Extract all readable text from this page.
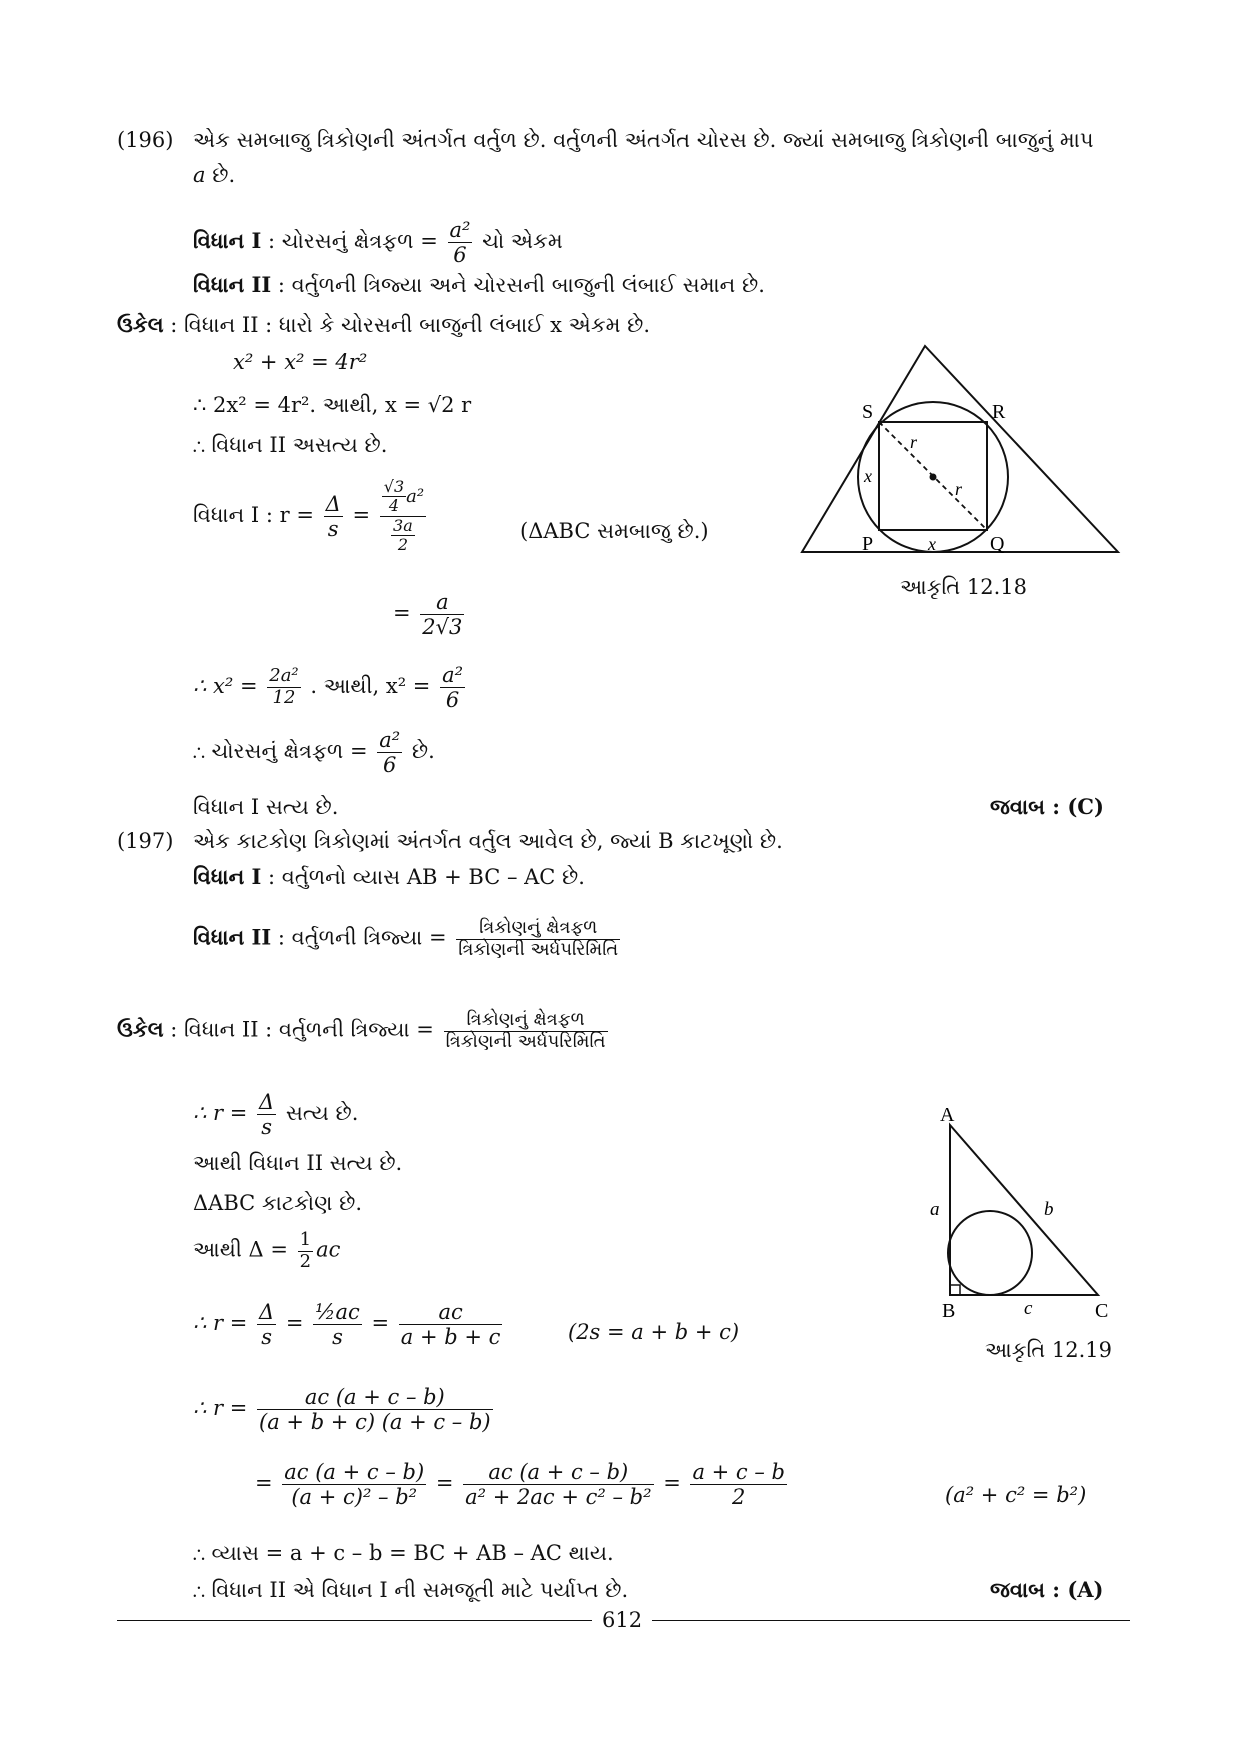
(196) એક સમબાજુ ત્રિકોણની અંતર્ગત વર્તુળ છે. વર્તુળની અંતર્ગત ચોરસ છે. જ્યાં સમબાજુ ત્રિકોણની બાજુનું માપ
a છે.
વિધાન I : ચોરસનું ક્ષેત્રફળ = $\frac{\text{a²}}{6}$ ચો એકમ
વિધાન II : વર્તુળની ત્રિજ્યા અને ચોરસની બાજુની લંબાઈ સમાન છે.
ઉકેલ : વિધાન II : ધારો કે ચોરસની બાજુની લંબાઈ x એકમ છે.
x² + x² = 4r²
∴ 2x² = 4r². આથી, x = √2 r
∴ વિધાન II અસત્ય છે.
વિધાન I : $r = \frac{\Delta}{s} = \frac{\frac{√3}{4} a^2}{\frac{3a}{2}}$	(ΔABC સમબાજુ છે.)
= $\frac{a}{2√3}$
∴ $x^2 = \frac{\text{2a²}}{12}$ . આથી, $x^2 = \frac{\text{a²}}{6}$
∴ ચોરસનું ક્ષેત્રફળ = $\frac{\text{a²}}{6}$ છે.
વિધાન I સત્ય છે.	જવાબ : (C)
S	R
P	Q
r
r
x
x
આકૃતિ 12.18
(197) એક કાટકોણ ત્રિકોણમાં અંતર્ગત વર્તુલ આવેલ છે, જ્યાં B કાટખૂણો છે.
વિધાન I : વર્તુળનો વ્યાસ AB + BC – AC છે.
વિધાન II : વર્તુળની ત્રિજ્યા = $\frac{\text{ત્રિકોણનું ક્ષેત્રફળ}}{\text{ત્રિકોણની અર્ધપરિમિતિ}}$
ઉકેલ : વિધાન II : વર્તુળની ત્રિજ્યા = $\frac{\text{ત્રિકોણનું ક્ષેત્રફળ}}{\text{ત્રિકોણની અર્ધપરિમિતિ}}$
∴ $r = \frac{\Delta}{s}$ સત્ય છે.
આથી વિધાન II સત્ય છે.
ΔABC કાટકોણ છે.
આથી $\Delta = \frac{1}{2}$ ac
∴ $r = \frac{\Delta}{s} = \frac{\text{½ac}}{s} = \frac{ac}{a + b + c}$	(2s = a + b + c)
∴ $r = \frac{ac (a + c - b)}{(a + b + c) (a + c - b)}$
= $\frac{ac (a + c - b)}{\text{(a + c)² – b²}} = \frac{ac (a + c - b)}{\text{a² + 2ac + c² – b²}} = \frac{a + c - b}{2}$	(a² + c² = b²)
∴ વ્યાસ = a + c – b = BC + AB – AC થાય.
∴ વિધાન II એ વિધાન I ની સમજૂતી માટે પર્યાપ્ત છે.	જવાબ : (A)
A
B	C
a	b
c
આકૃતિ 12.19
612
